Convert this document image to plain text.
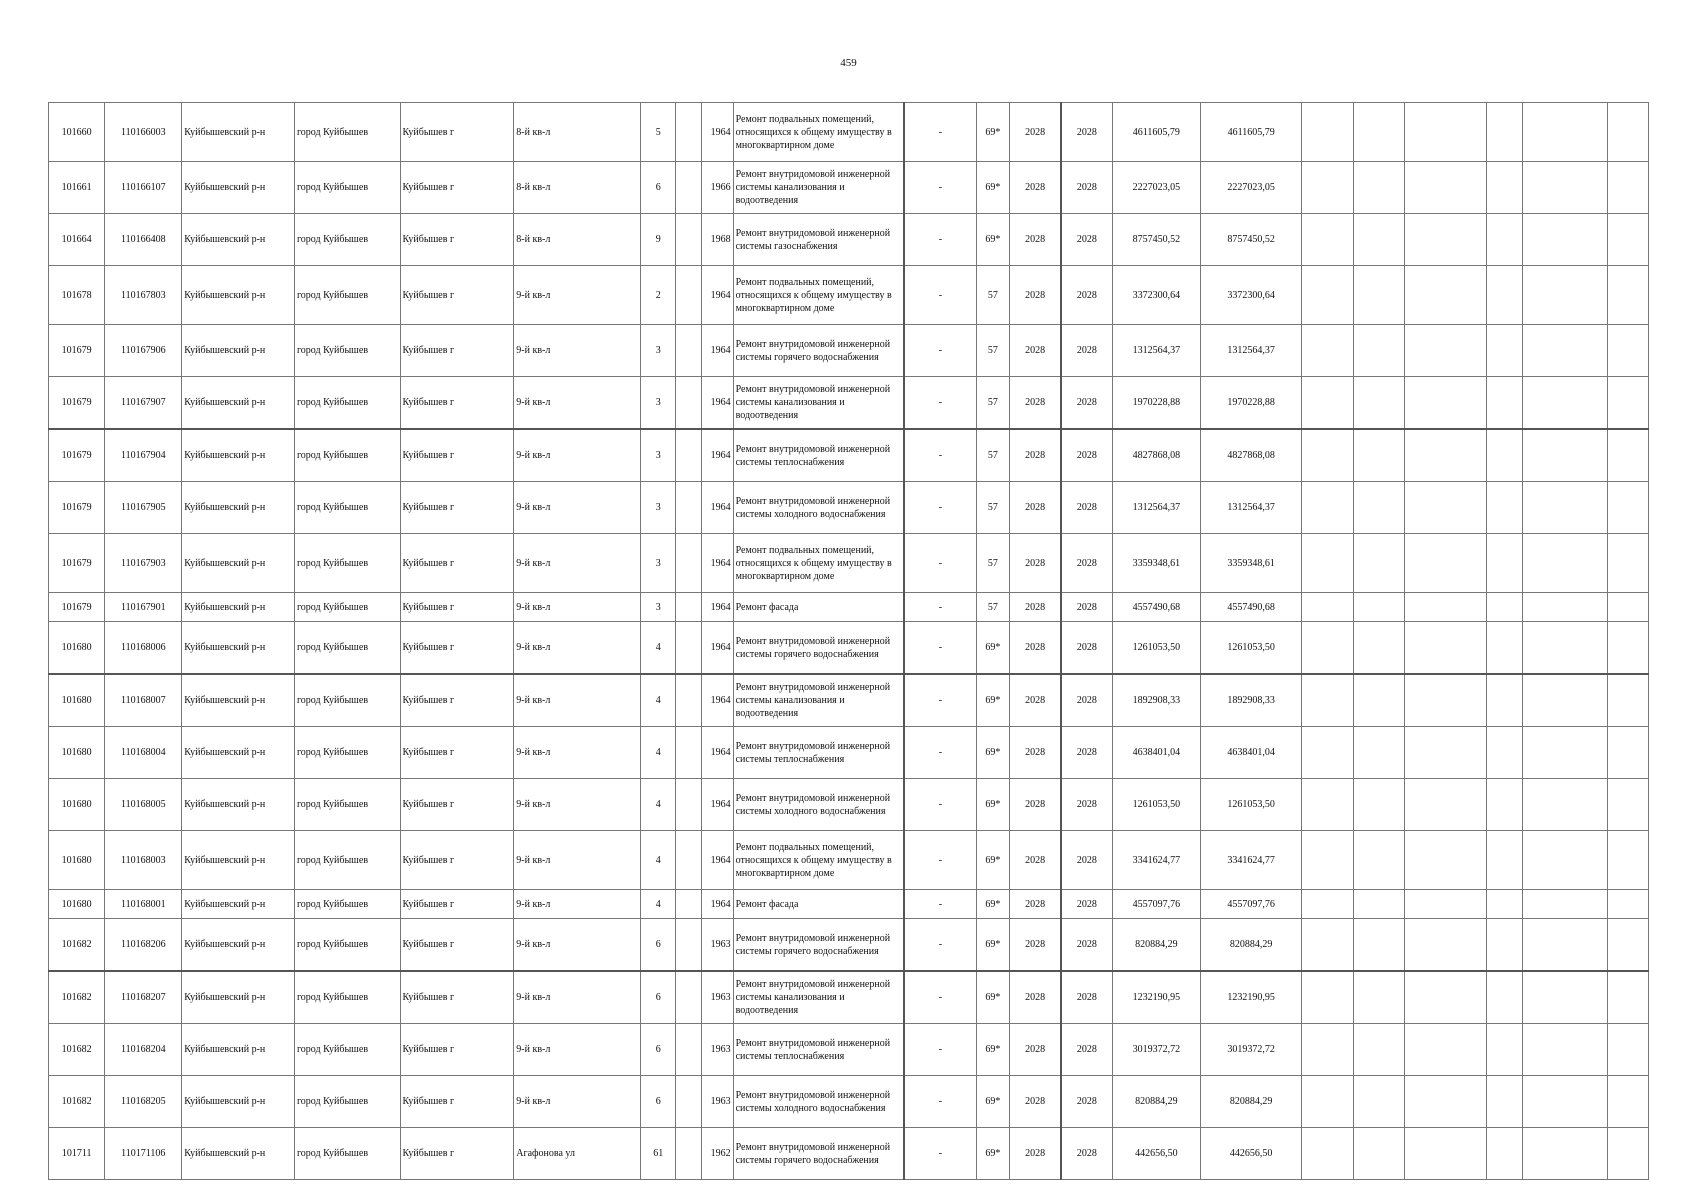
459
101660	110166003	Куйбышевский р-н	город Куйбышев	Куйбышев г	8-й кв-л	5		1964	Ремонт подвальных помещений, относящихся к общему имуществу в многоквартирном доме	-	69*	2028	2028	4611605,79	4611605,79						
101661	110166107	Куйбышевский р-н	город Куйбышев	Куйбышев г	8-й кв-л	6		1966	Ремонт внутридомовой инженерной системы канализования и водоотведения	-	69*	2028	2028	2227023,05	2227023,05						
101664	110166408	Куйбышевский р-н	город Куйбышев	Куйбышев г	8-й кв-л	9		1968	Ремонт внутридомовой инженерной системы газоснабжения	-	69*	2028	2028	8757450,52	8757450,52						
101678	110167803	Куйбышевский р-н	город Куйбышев	Куйбышев г	9-й кв-л	2		1964	Ремонт подвальных помещений, относящихся к общему имуществу в многоквартирном доме	-	57	2028	2028	3372300,64	3372300,64						
101679	110167906	Куйбышевский р-н	город Куйбышев	Куйбышев г	9-й кв-л	3		1964	Ремонт внутридомовой инженерной системы горячего водоснабжения	-	57	2028	2028	1312564,37	1312564,37						
101679	110167907	Куйбышевский р-н	город Куйбышев	Куйбышев г	9-й кв-л	3		1964	Ремонт внутридомовой инженерной системы канализования и водоотведения	-	57	2028	2028	1970228,88	1970228,88						
101679	110167904	Куйбышевский р-н	город Куйбышев	Куйбышев г	9-й кв-л	3		1964	Ремонт внутридомовой инженерной системы теплоснабжения	-	57	2028	2028	4827868,08	4827868,08						
101679	110167905	Куйбышевский р-н	город Куйбышев	Куйбышев г	9-й кв-л	3		1964	Ремонт внутридомовой инженерной системы холодного водоснабжения	-	57	2028	2028	1312564,37	1312564,37						
101679	110167903	Куйбышевский р-н	город Куйбышев	Куйбышев г	9-й кв-л	3		1964	Ремонт подвальных помещений, относящихся к общему имуществу в многоквартирном доме	-	57	2028	2028	3359348,61	3359348,61						
101679	110167901	Куйбышевский р-н	город Куйбышев	Куйбышев г	9-й кв-л	3		1964	Ремонт фасада	-	57	2028	2028	4557490,68	4557490,68						
101680	110168006	Куйбышевский р-н	город Куйбышев	Куйбышев г	9-й кв-л	4		1964	Ремонт внутридомовой инженерной системы горячего водоснабжения	-	69*	2028	2028	1261053,50	1261053,50						
101680	110168007	Куйбышевский р-н	город Куйбышев	Куйбышев г	9-й кв-л	4		1964	Ремонт внутридомовой инженерной системы канализования и водоотведения	-	69*	2028	2028	1892908,33	1892908,33						
101680	110168004	Куйбышевский р-н	город Куйбышев	Куйбышев г	9-й кв-л	4		1964	Ремонт внутридомовой инженерной системы теплоснабжения	-	69*	2028	2028	4638401,04	4638401,04						
101680	110168005	Куйбышевский р-н	город Куйбышев	Куйбышев г	9-й кв-л	4		1964	Ремонт внутридомовой инженерной системы холодного водоснабжения	-	69*	2028	2028	1261053,50	1261053,50						
101680	110168003	Куйбышевский р-н	город Куйбышев	Куйбышев г	9-й кв-л	4		1964	Ремонт подвальных помещений, относящихся к общему имуществу в многоквартирном доме	-	69*	2028	2028	3341624,77	3341624,77						
101680	110168001	Куйбышевский р-н	город Куйбышев	Куйбышев г	9-й кв-л	4		1964	Ремонт фасада	-	69*	2028	2028	4557097,76	4557097,76						
101682	110168206	Куйбышевский р-н	город Куйбышев	Куйбышев г	9-й кв-л	6		1963	Ремонт внутридомовой инженерной системы горячего водоснабжения	-	69*	2028	2028	820884,29	820884,29						
101682	110168207	Куйбышевский р-н	город Куйбышев	Куйбышев г	9-й кв-л	6		1963	Ремонт внутридомовой инженерной системы канализования и водоотведения	-	69*	2028	2028	1232190,95	1232190,95						
101682	110168204	Куйбышевский р-н	город Куйбышев	Куйбышев г	9-й кв-л	6		1963	Ремонт внутридомовой инженерной системы теплоснабжения	-	69*	2028	2028	3019372,72	3019372,72						
101682	110168205	Куйбышевский р-н	город Куйбышев	Куйбышев г	9-й кв-л	6		1963	Ремонт внутридомовой инженерной системы холодного водоснабжения	-	69*	2028	2028	820884,29	820884,29						
101711	110171106	Куйбышевский р-н	город Куйбышев	Куйбышев г	Агафонова ул	61		1962	Ремонт внутридомовой инженерной системы горячего водоснабжения	-	69*	2028	2028	442656,50	442656,50						
